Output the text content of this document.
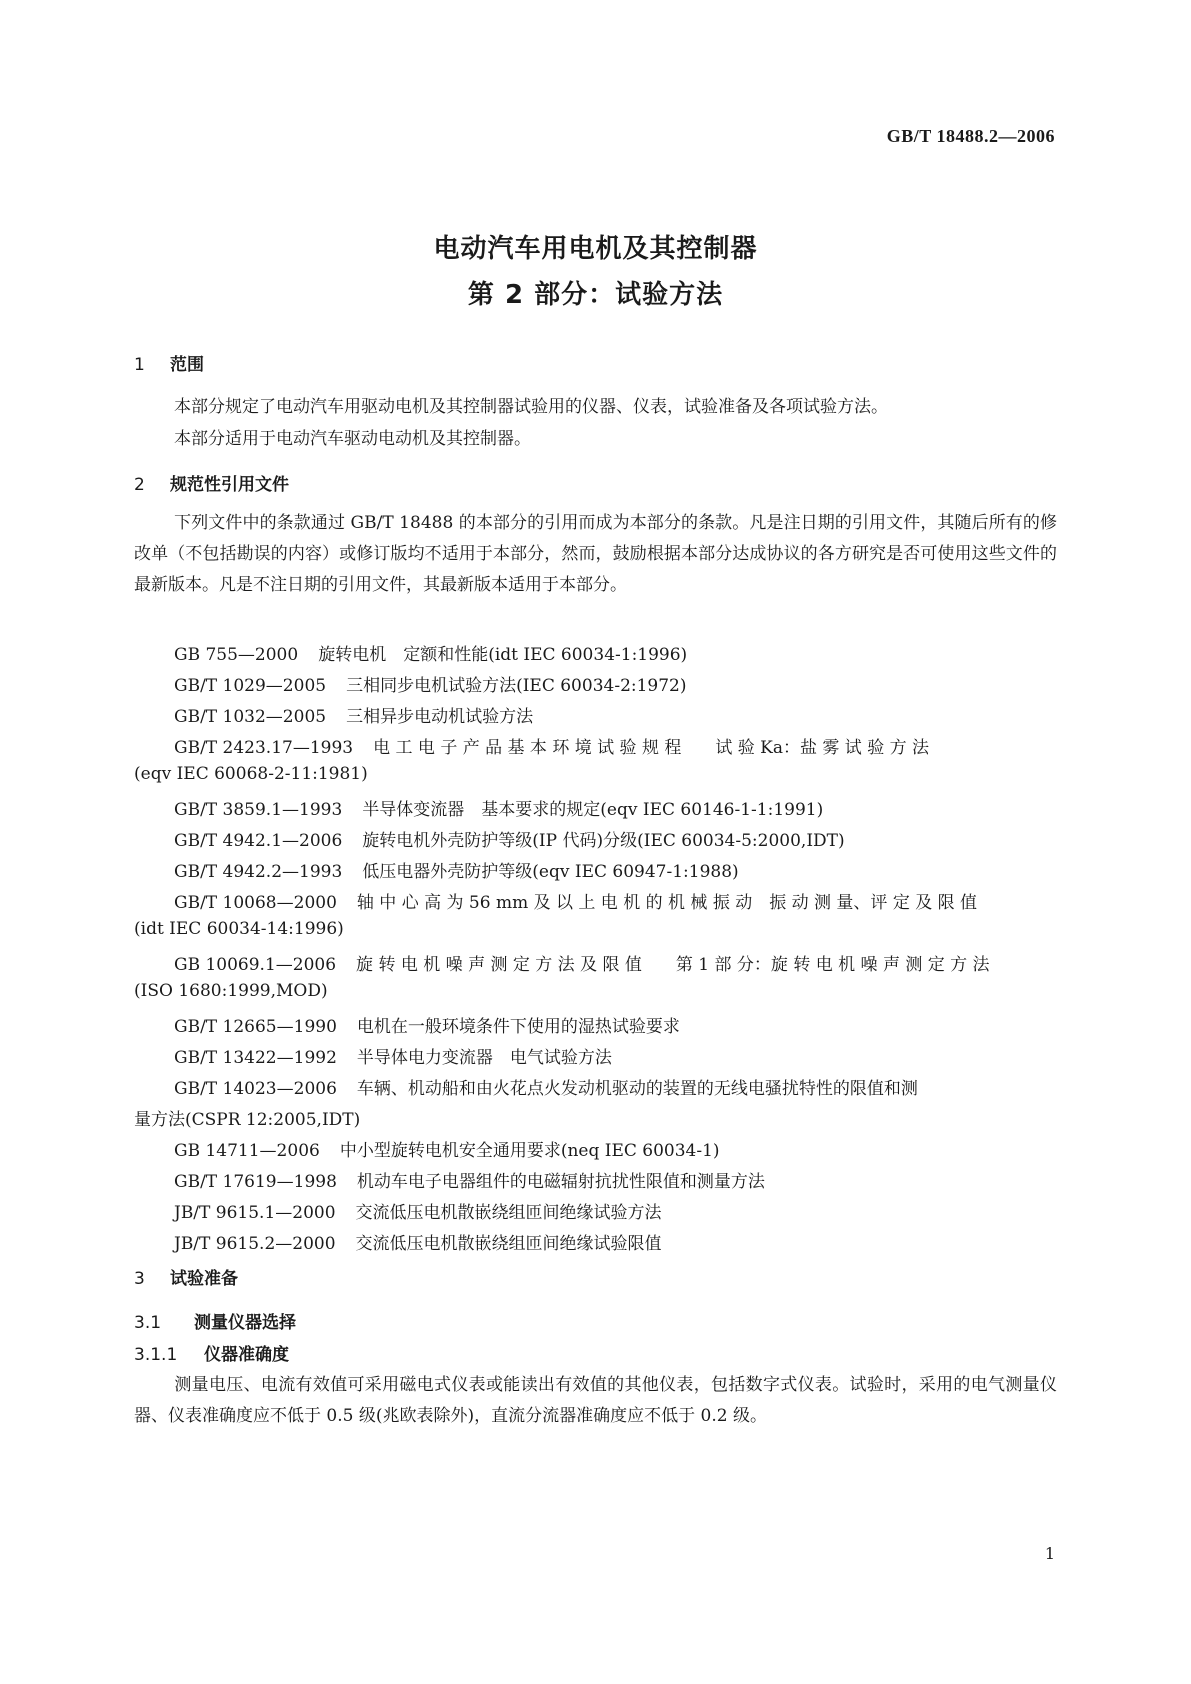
GB/T 18488.2—2006
电动汽车用电机及其控制器
第 2 部分：试验方法
1 范围
本部分规定了电动汽车用驱动电机及其控制器试验用的仪器、仪表，试验准备及各项试验方法。
本部分适用于电动汽车驱动电动机及其控制器。
2 规范性引用文件
下列文件中的条款通过 GB/T 18488 的本部分的引用而成为本部分的条款。凡是注日期的引用文件，其随后所有的修改单（不包括勘误的内容）或修订版均不适用于本部分，然而，鼓励根据本部分达成协议的各方研究是否可使用这些文件的最新版本。凡是不注日期的引用文件，其最新版本适用于本部分。
GB 755—2000 旋转电机　定额和性能(idt IEC 60034-1:1996)
GB/T 1029—2005 三相同步电机试验方法(IEC 60034-2:1972)
GB/T 1032—2005 三相异步电动机试验方法
GB/T 2423.17—1993 电 工 电 子 产 品 基 本 环 境 试 验 规 程　　试 验 Ka：盐 雾 试 验 方 法
(eqv IEC 60068-2-11:1981)
GB/T 3859.1—1993 半导体变流器　基本要求的规定(eqv IEC 60146-1-1:1991)
GB/T 4942.1—2006 旋转电机外壳防护等级(IP 代码)分级(IEC 60034-5:2000,IDT)
GB/T 4942.2—1993 低压电器外壳防护等级(eqv IEC 60947-1:1988)
GB/T 10068—2000 轴 中 心 高 为 56 mm 及 以 上 电 机 的 机 械 振 动　振 动 测 量、评 定 及 限 值
(idt IEC 60034-14:1996)
GB 10069.1—2006 旋 转 电 机 噪 声 测 定 方 法 及 限 值　　第 1 部 分：旋 转 电 机 噪 声 测 定 方 法
(ISO 1680:1999,MOD)
GB/T 12665—1990 电机在一般环境条件下使用的湿热试验要求
GB/T 13422—1992 半导体电力变流器　电气试验方法
GB/T 14023—2006 车辆、机动船和由火花点火发动机驱动的装置的无线电骚扰特性的限值和测
量方法(CSPR 12:2005,IDT)
GB 14711—2006 中小型旋转电机安全通用要求(neq IEC 60034-1)
GB/T 17619—1998 机动车电子电器组件的电磁辐射抗扰性限值和测量方法
JB/T 9615.1—2000 交流低压电机散嵌绕组匝间绝缘试验方法
JB/T 9615.2—2000 交流低压电机散嵌绕组匝间绝缘试验限值
3 试验准备
3.1 测量仪器选择
3.1.1 仪器准确度
测量电压、电流有效值可采用磁电式仪表或能读出有效值的其他仪表，包括数字式仪表。试验时，采用的电气测量仪器、仪表准确度应不低于 0.5 级(兆欧表除外)，直流分流器准确度应不低于 0.2 级。
1
